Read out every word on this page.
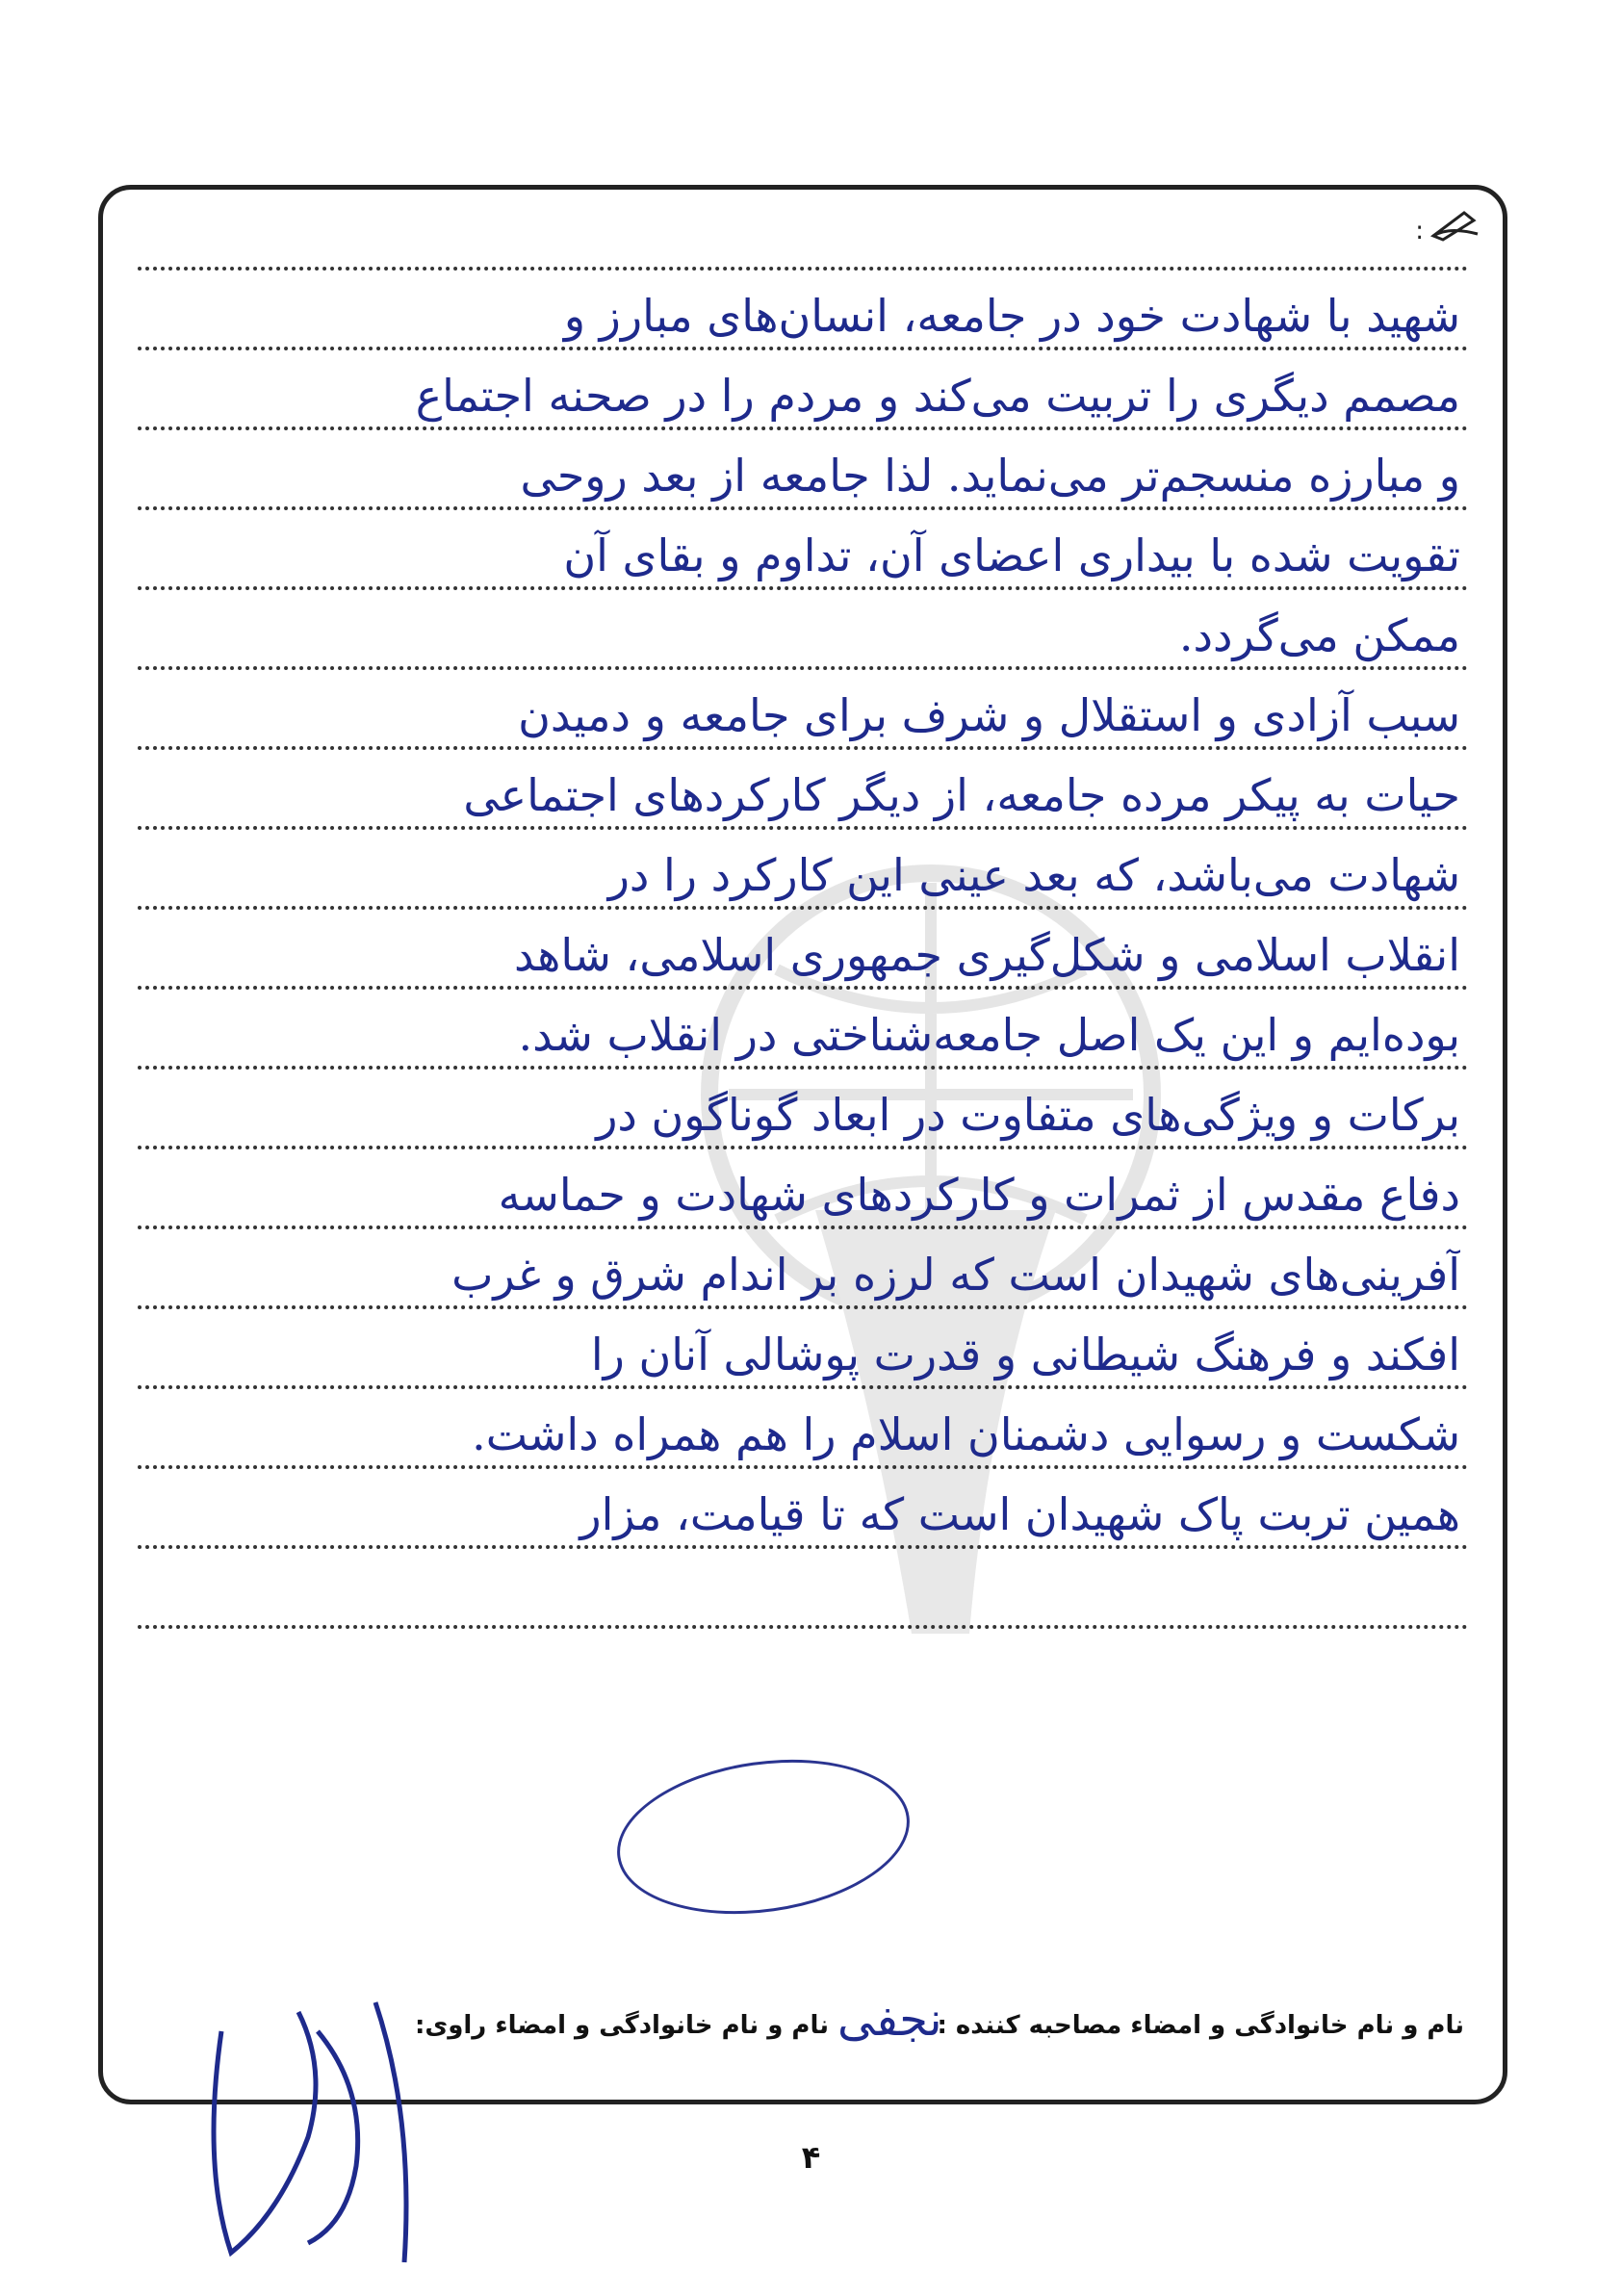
:
شهید با شهادت خود در جامعه، انسان‌های مبارز و
مصمم دیگری را تربیت می‌کند و مردم را در صحنه اجتماع
و مبارزه منسجم‌تر می‌نماید. لذا جامعه از بعد روحی
تقویت شده با بیداری اعضای آن، تداوم و بقای آن
ممکن می‌گردد.
سبب آزادی و استقلال و شرف برای جامعه و دمیدن
حیات به پیکر مرده جامعه، از دیگر کارکردهای اجتماعی
شهادت می‌باشد، که بعد عینی این کارکرد را در
انقلاب اسلامی و شکل‌گیری جمهوری اسلامی، شاهد
بوده‌ایم و این یک اصل جامعه‌شناختی در انقلاب شد.
برکات و ویژگی‌های متفاوت در ابعاد گوناگون در
دفاع مقدس از ثمرات و کارکردهای شهادت و حماسه
آفرینی‌های شهیدان است که لرزه بر اندام شرق و غرب
افکند و فرهنگ شیطانی و قدرت پوشالی آنان را
شکست و رسوایی دشمنان اسلام را هم همراه داشت.
همین تربت پاک شهیدان است که تا قیامت، مزار
نام و نام خانوادگی و امضاء مصاحبه کننده :
نام و نام خانوادگی و امضاء راوی: نجفی
۴
